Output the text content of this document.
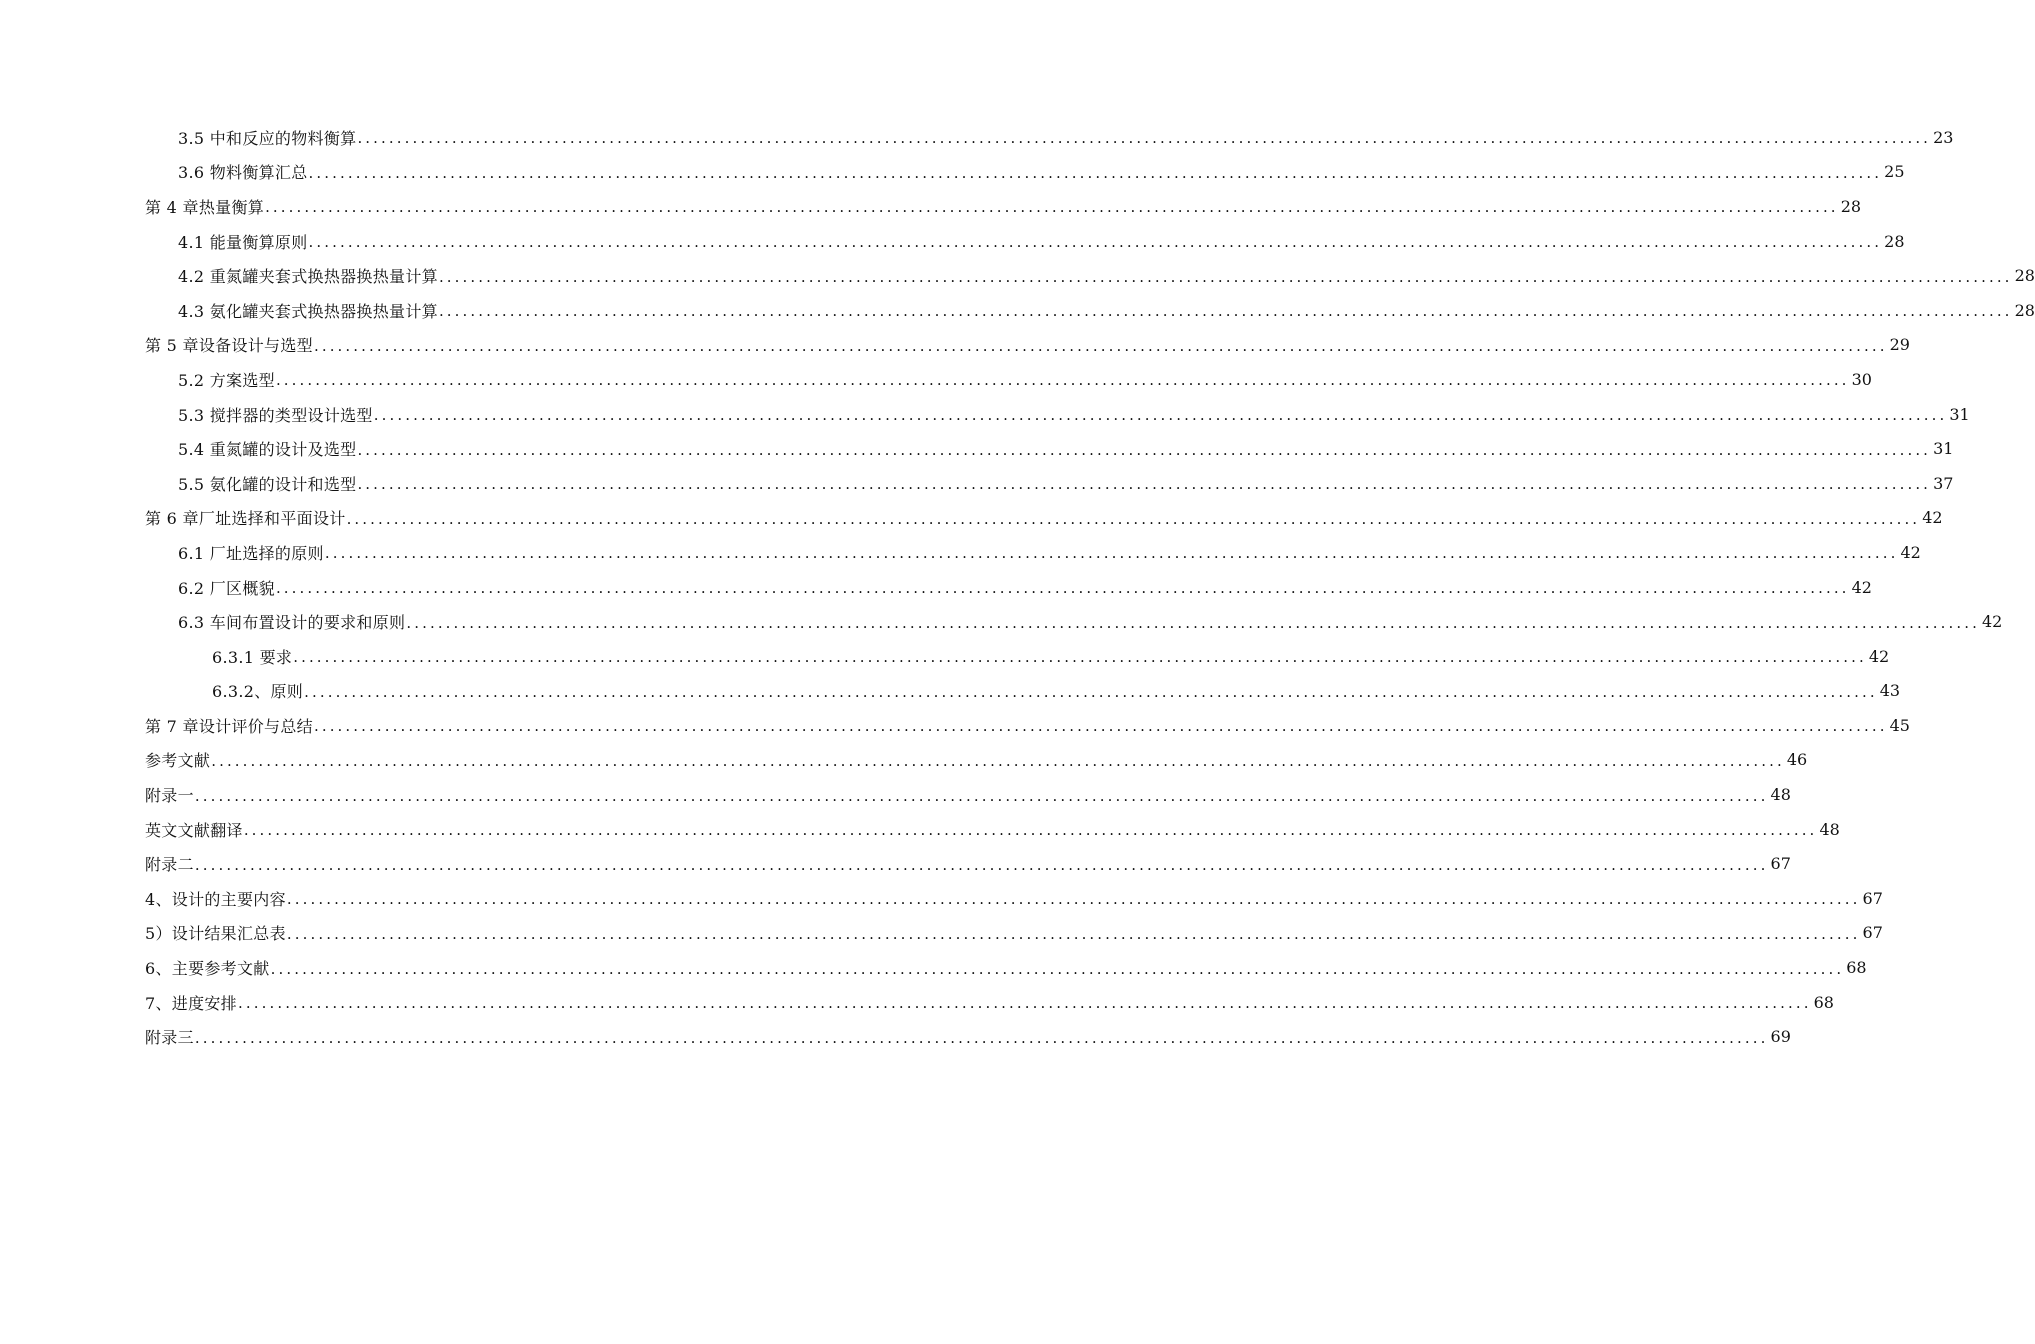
3.5 中和反应的物料衡算 ........................................................................................................................................................................................................ 23
3.6 物料衡算汇总 ........................................................................................................................................................................................................ 25
第 4 章热量衡算 ........................................................................................................................................................................................................ 28
4.1 能量衡算原则 ........................................................................................................................................................................................................ 28
4.2 重氮罐夹套式换热器换热量计算 ........................................................................................................................................................................................................ 28
4.3 氨化罐夹套式换热器换热量计算 ........................................................................................................................................................................................................ 28
第 5 章设备设计与选型 ........................................................................................................................................................................................................ 29
5.2 方案选型 ........................................................................................................................................................................................................ 30
5.3 搅拌器的类型设计选型 ........................................................................................................................................................................................................ 31
5.4 重氮罐的设计及选型 ........................................................................................................................................................................................................ 31
5.5 氨化罐的设计和选型 ........................................................................................................................................................................................................ 37
第 6 章厂址选择和平面设计 ........................................................................................................................................................................................................ 42
6.1 厂址选择的原则 ........................................................................................................................................................................................................ 42
6.2 厂区概貌 ........................................................................................................................................................................................................ 42
6.3 车间布置设计的要求和原则 ........................................................................................................................................................................................................ 42
6.3.1 要求 ........................................................................................................................................................................................................ 42
6.3.2、原则 ........................................................................................................................................................................................................ 43
第 7 章设计评价与总结 ........................................................................................................................................................................................................ 45
参考文献 ........................................................................................................................................................................................................ 46
附录一 ........................................................................................................................................................................................................ 48
英文文献翻译 ........................................................................................................................................................................................................ 48
附录二 ........................................................................................................................................................................................................ 67
4、设计的主要内容 ........................................................................................................................................................................................................ 67
5）设计结果汇总表 ........................................................................................................................................................................................................ 67
6、主要参考文献 ........................................................................................................................................................................................................ 68
7、进度安排 ........................................................................................................................................................................................................ 68
附录三 ........................................................................................................................................................................................................ 69
